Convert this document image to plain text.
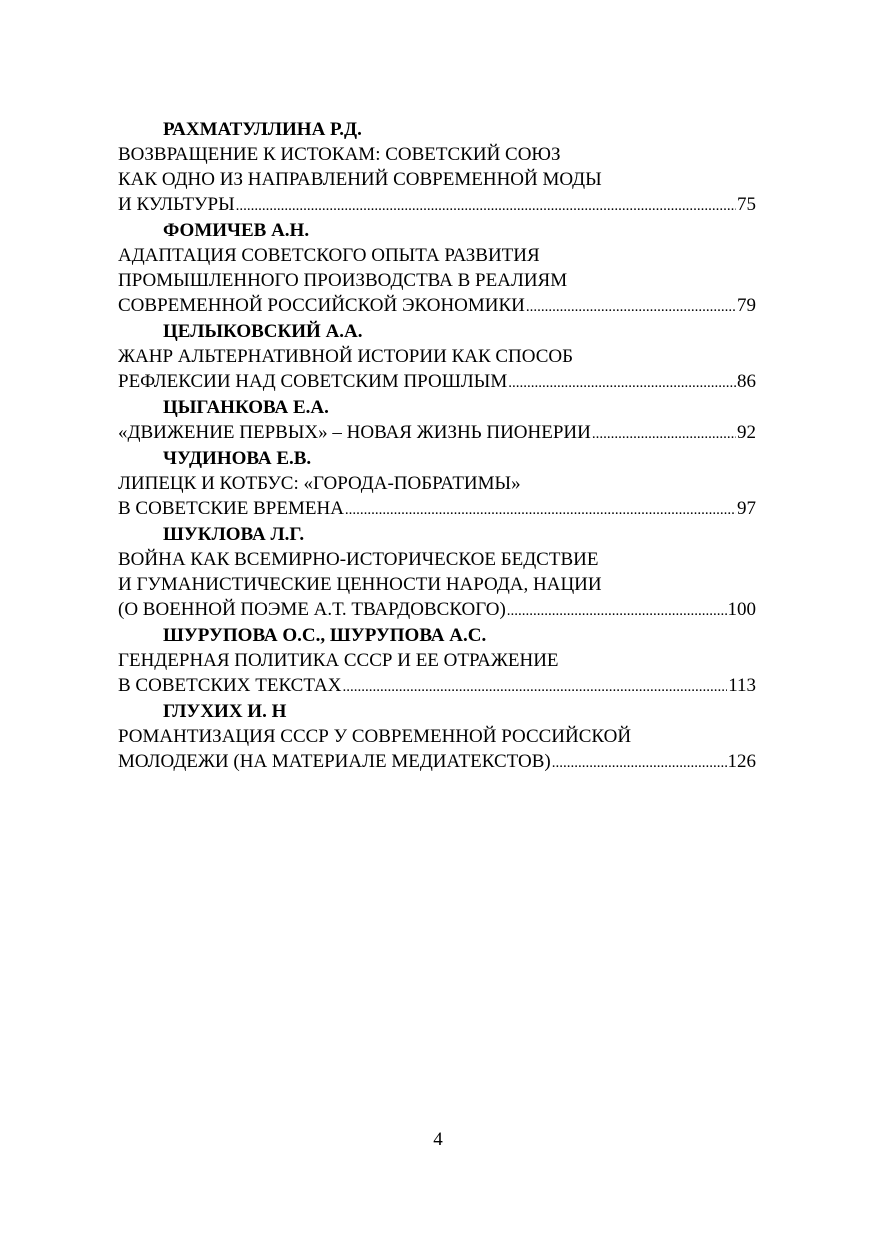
РАХМАТУЛЛИНА Р.Д.
ВОЗВРАЩЕНИЕ К ИСТОКАМ: СОВЕТСКИЙ СОЮЗ
КАК ОДНО ИЗ НАПРАВЛЕНИЙ СОВРЕМЕННОЙ МОДЫ
И КУЛЬТУРЫ .....	75
ФОМИЧЕВ А.Н.
АДАПТАЦИЯ СОВЕТСКОГО ОПЫТА РАЗВИТИЯ
ПРОМЫШЛЕННОГО ПРОИЗВОДСТВА В РЕАЛИЯМ
СОВРЕМЕННОЙ РОССИЙСКОЙ ЭКОНОМИКИ .....	79
ЦЕЛЫКОВСКИЙ А.А.
ЖАНР АЛЬТЕРНАТИВНОЙ ИСТОРИИ КАК СПОСОБ
РЕФЛЕКСИИ НАД СОВЕТСКИМ ПРОШЛЫМ .....	86
ЦЫГАНКОВА Е.А.
«ДВИЖЕНИЕ ПЕРВЫХ» – НОВАЯ ЖИЗНЬ ПИОНЕРИИ .....	92
ЧУДИНОВА Е.В.
ЛИПЕЦК И КОТБУС: «ГОРОДА-ПОБРАТИМЫ»
В СОВЕТСКИЕ ВРЕМЕНА .....	97
ШУКЛОВА Л.Г.
ВОЙНА КАК ВСЕМИРНО-ИСТОРИЧЕСКОЕ БЕДСТВИЕ
И ГУМАНИСТИЧЕСКИЕ ЦЕННОСТИ НАРОДА, НАЦИИ
(О ВОЕННОЙ ПОЭМЕ А.Т. ТВАРДОВСКОГО) .....	100
ШУРУПОВА О.С., ШУРУПОВА А.С.
ГЕНДЕРНАЯ ПОЛИТИКА СССР И ЕЕ ОТРАЖЕНИЕ
В СОВЕТСКИХ ТЕКСТАХ .....	113
ГЛУХИХ И. Н
РОМАНТИЗАЦИЯ СССР У СОВРЕМЕННОЙ РОССИЙСКОЙ
МОЛОДЕЖИ (НА МАТЕРИАЛЕ МЕДИАТЕКСТОВ) .....	126
4
